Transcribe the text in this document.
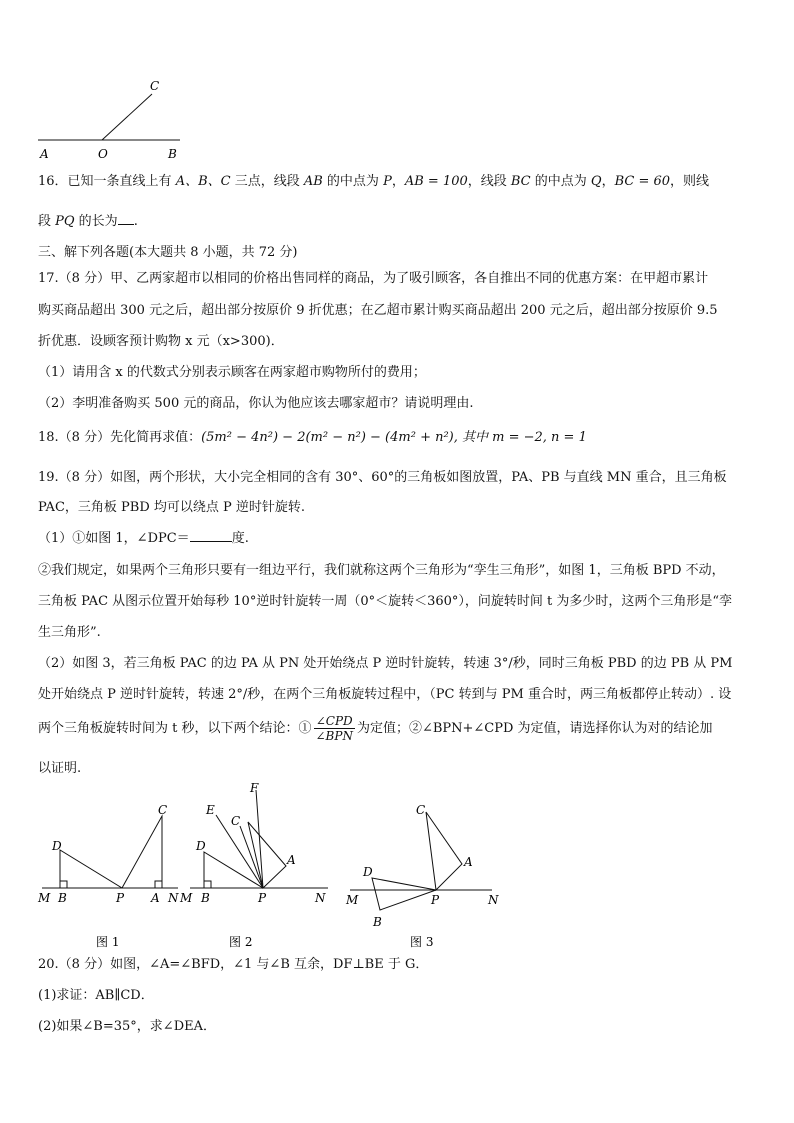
C
A	O	B
16．已知一条直线上有 A、B、C 三点，线段 AB 的中点为 P，AB = 100，线段 BC 的中点为 Q，BC = 60，则线
段 PQ 的长为 .
三、解下列各题(本大题共 8 小题，共 72 分)
17.（8 分）甲、乙两家超市以相同的价格出售同样的商品，为了吸引顾客，各自推出不同的优惠方案：在甲超市累计
购买商品超出 300 元之后，超出部分按原价 9 折优惠；在乙超市累计购买商品超出 200 元之后，超出部分按原价 9.5
折优惠．设顾客预计购物 x 元（x>300)．
（1）请用含 x 的代数式分别表示顾客在两家超市购物所付的费用；
（2）李明准备购买 500 元的商品，你认为他应该去哪家超市？请说明理由.
18.（8 分）先化简再求值：(5m² − 4n²) − 2(m² − n²) − (4m² + n²), 其中 m = −2, n = 1
19.（8 分）如图，两个形状，大小完全相同的含有 30°、60°的三角板如图放置，PA、PB 与直线 MN 重合，且三角板
PAC，三角板 PBD 均可以绕点 P 逆时针旋转.
（1）①如图 1，∠DPC＝	度.
②我们规定，如果两个三角形只要有一组边平行，我们就称这两个三角形为“孪生三角形”，如图 1，三角板 BPD 不动，
三角板 PAC 从图示位置开始每秒 10°逆时针旋转一周（0°＜旋转＜360°），问旋转时间 t 为多少时，这两个三角形是“孪
生三角形”.
（2）如图 3，若三角板 PAC 的边 PA 从 PN 处开始绕点 P 逆时针旋转，转速 3°/秒，同时三角板 PBD 的边 PB 从 PM
处开始绕点 P 逆时针旋转，转速 2°/秒，在两个三角板旋转过程中，（PC 转到与 PM 重合时，两三角板都停止转动）. 设
两个三角板旋转时间为 t 秒，以下两个结论：① $\frac{\text{∠CPD}}{\text{∠BPN}}$ 为定值；②∠BPN+∠CPD 为定值，请选择你认为对的结论加
以证明.
D
C
M B	P A N
图 1
F
E
C
D
A
M B	P	N
图 2
C
A
D
M	P	N
B
图 3
20.（8 分）如图，∠A=∠BFD，∠1 与∠B 互余，DF⊥BE 于 G．
(1)求证：AB∥CD．
(2)如果∠B=35°，求∠DEA．
